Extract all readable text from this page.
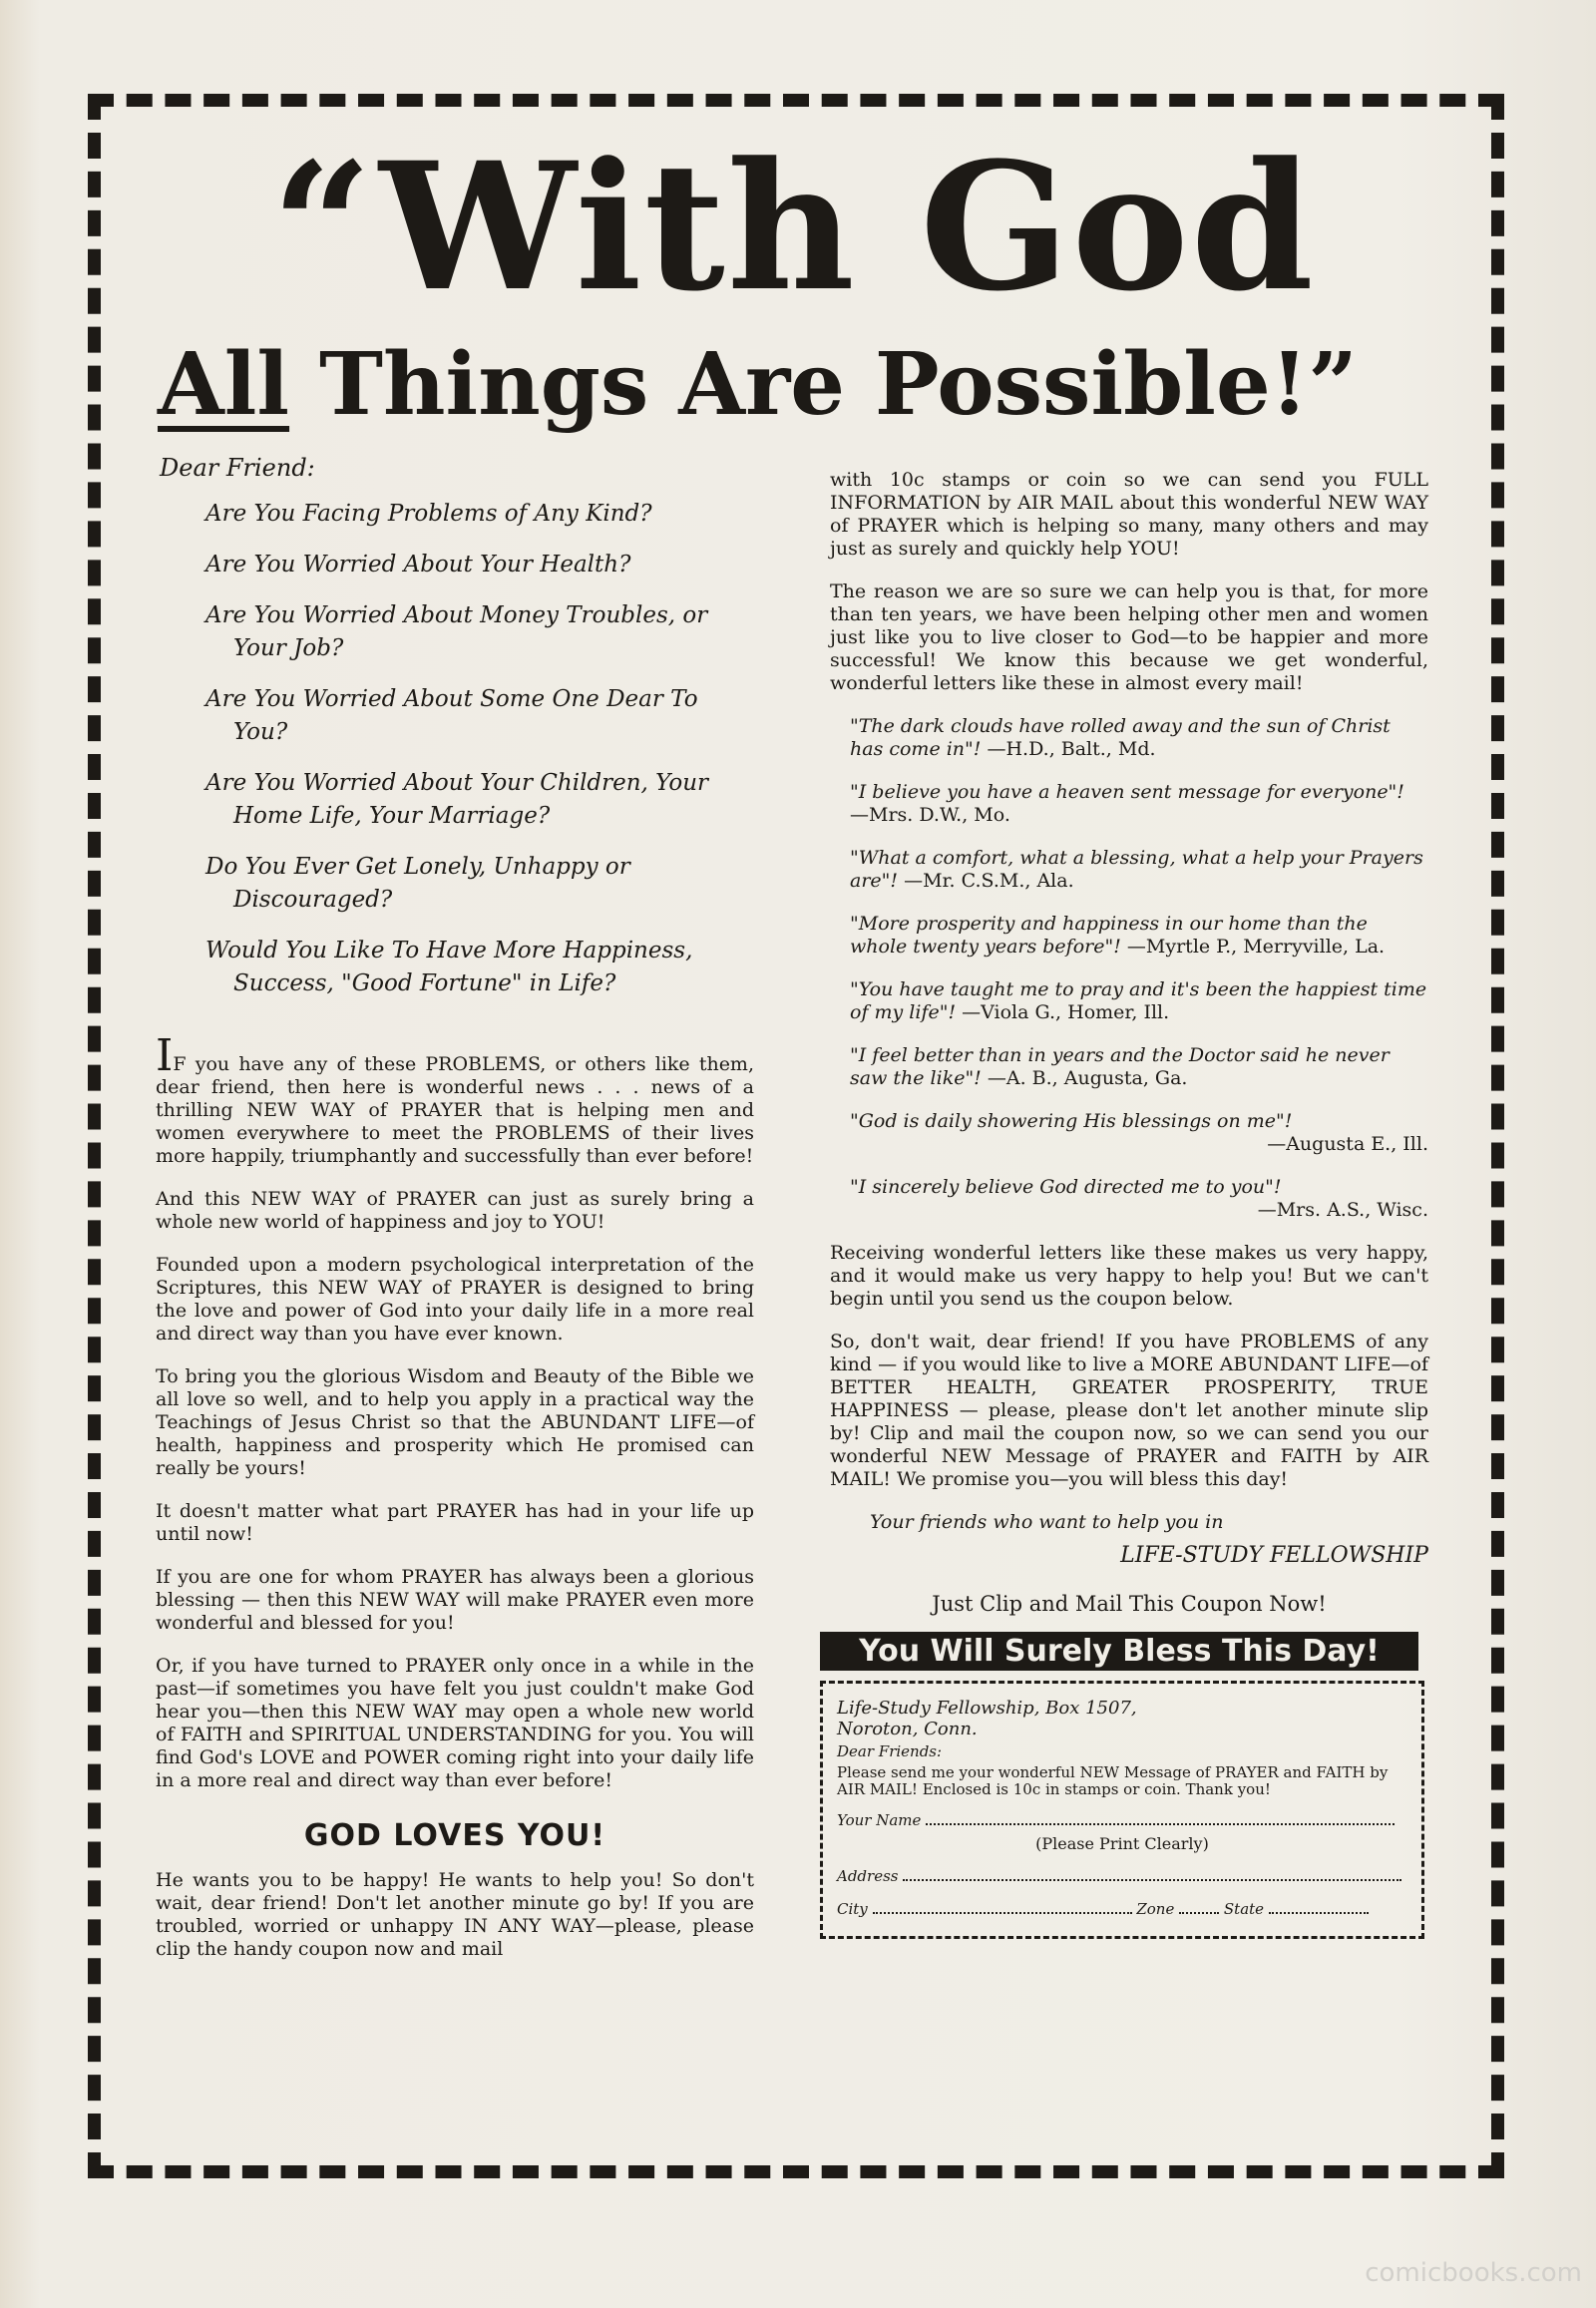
“With God
All Things Are Possible!”
Dear Friend:
Are You Facing Problems of Any Kind?
Are You Worried About Your Health?
Are You Worried About Money Troubles, or Your Job?
Are You Worried About Some One Dear To You?
Are You Worried About Your Children, Your Home Life, Your Marriage?
Do You Ever Get Lonely, Unhappy or Discouraged?
Would You Like To Have More Happiness, Success, "Good Fortune" in Life?

IF you have any of these PROBLEMS, or others like them, dear friend, then here is wonderful news . . . news of a thrilling NEW WAY of PRAYER that is helping men and women everywhere to meet the PROBLEMS of their lives more happily, triumphantly and successfully than ever before!

And this NEW WAY of PRAYER can just as surely bring a whole new world of happiness and joy to YOU!

Founded upon a modern psychological interpretation of the Scriptures, this NEW WAY of PRAYER is designed to bring the love and power of God into your daily life in a more real and direct way than you have ever known.

To bring you the glorious Wisdom and Beauty of the Bible we all love so well, and to help you apply in a practical way the Teachings of Jesus Christ so that the ABUNDANT LIFE—of health, happiness and prosperity which He promised can really be yours!

It doesn't matter what part PRAYER has had in your life up until now!

If you are one for whom PRAYER has always been a glorious blessing — then this NEW WAY will make PRAYER even more wonderful and blessed for you!

Or, if you have turned to PRAYER only once in a while in the past—if sometimes you have felt you just couldn't make God hear you—then this NEW WAY may open a whole new world of FAITH and SPIRITUAL UNDERSTANDING for you. You will find God's LOVE and POWER coming right into your daily life in a more real and direct way than ever before!

GOD LOVES YOU!

He wants you to be happy! He wants to help you! So don't wait, dear friend! Don't let another minute go by! If you are troubled, worried or unhappy IN ANY WAY—please, please clip the handy coupon now and mail

with 10c stamps or coin so we can send you FULL INFORMATION by AIR MAIL about this wonderful NEW WAY of PRAYER which is helping so many, many others and may just as surely and quickly help YOU!

The reason we are so sure we can help you is that, for more than ten years, we have been helping other men and women just like you to live closer to God—to be happier and more successful! We know this because we get wonderful, wonderful letters like these in almost every mail!

"The dark clouds have rolled away and the sun of Christ has come in"! —H.D., Balt., Md.
"I believe you have a heaven sent message for everyone"! —Mrs. D.W., Mo.
"What a comfort, what a blessing, what a help your Prayers are"! —Mr. C.S.M., Ala.
"More prosperity and happiness in our home than the whole twenty years before"! —Myrtle P., Merryville, La.
"You have taught me to pray and it's been the happiest time of my life"! —Viola G., Homer, Ill.
"I feel better than in years and the Doctor said he never saw the like"! —A. B., Augusta, Ga.
"God is daily showering His blessings on me"!
—Augusta E., Ill.
"I sincerely believe God directed me to you"!
—Mrs. A.S., Wisc.

Receiving wonderful letters like these makes us very happy, and it would make us very happy to help you! But we can't begin until you send us the coupon below.

So, don't wait, dear friend! If you have PROBLEMS of any kind — if you would like to live a MORE ABUNDANT LIFE—of BETTER HEALTH, GREATER PROSPERITY, TRUE HAPPINESS — please, please don't let another minute slip by! Clip and mail the coupon now, so we can send you our wonderful NEW Message of PRAYER and FAITH by AIR MAIL! We promise you—you will bless this day!

Your friends who want to help you in
LIFE-STUDY FELLOWSHIP
Just Clip and Mail This Coupon Now!
You Will Surely Bless This Day!
Life-Study Fellowship, Box 1507,
Noroton, Conn.
Dear Friends:
Please send me your wonderful NEW Message of PRAYER and FAITH by AIR MAIL! Enclosed is 10c in stamps or coin. Thank you!
Your Name
(Please Print Clearly)
Address
City	Zone	State
comicbooks.com
